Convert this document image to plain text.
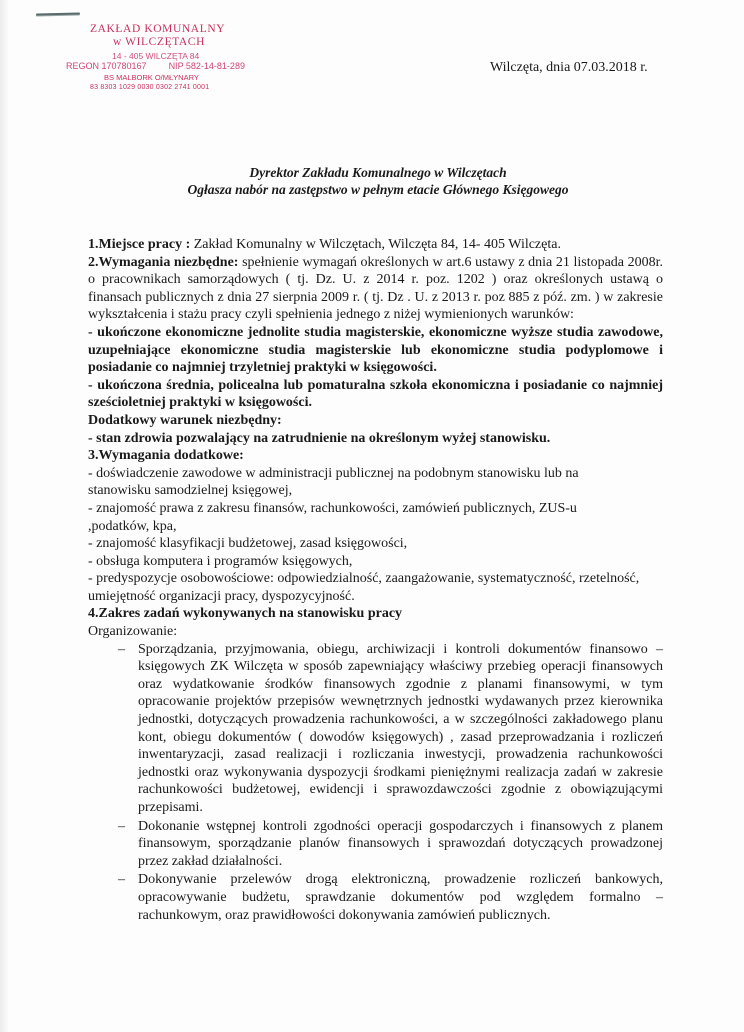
ZAKŁAD KOMUNALNY
w WILCZĘTACH
14 - 405 WILCZĘTA 84
REGON 170780167 NIP 582-14-81-289
BS MALBORK O/MŁYNARY
83 8303 1029 0030 0302 2741 0001
Wilczęta, dnia 07.03.2018 r.
Dyrektor Zakładu Komunalnego w Wilczętach
Ogłasza nabór na zastępstwo w pełnym etacie Głównego Księgowego

1.Miejsce pracy : Zakład Komunalny w Wilczętach, Wilczęta 84, 14- 405 Wilczęta.

2.Wymagania niezbędne: spełnienie wymagań określonych w art.6 ustawy z dnia 21 listopada 2008r. o pracownikach samorządowych ( tj. Dz. U. z 2014 r. poz. 1202 ) oraz określonych ustawą o finansach publicznych z dnia 27 sierpnia 2009 r. ( tj. Dz . U. z 2013 r. poz 885 z póź. zm. ) w zakresie wykształcenia i stażu pracy czyli spełnienia jednego z niżej wymienionych warunków:

- ukończone ekonomiczne jednolite studia magisterskie, ekonomiczne wyższe studia zawodowe, uzupełniające ekonomiczne studia magisterskie lub ekonomiczne studia podyplomowe i posiadanie co najmniej trzyletniej praktyki w księgowości.

- ukończona średnia, policealna lub pomaturalna szkoła ekonomiczna i posiadanie co najmniej sześcioletniej praktyki w księgowości.

Dodatkowy warunek niezbędny:

- stan zdrowia pozwalający na zatrudnienie na określonym wyżej stanowisku.

3.Wymagania dodatkowe:

- doświadczenie zawodowe w administracji publicznej na podobnym stanowisku lub na stanowisku samodzielnej księgowej,

- znajomość prawa z zakresu finansów, rachunkowości, zamówień publicznych, ZUS-u ,podatków, kpa,

- znajomość klasyfikacji budżetowej, zasad księgowości,

- obsługa komputera i programów księgowych,

- predyspozycje osobowościowe: odpowiedzialność, zaangażowanie, systematyczność, rzetelność, umiejętność organizacji pracy, dyspozycyjność.

4.Zakres zadań wykonywanych na stanowisku pracy

Organizowanie:

– Sporządzania, przyjmowania, obiegu, archiwizacji i kontroli dokumentów finansowo – księgowych ZK Wilczęta w sposób zapewniający właściwy przebieg operacji finansowych oraz wydatkowanie środków finansowych zgodnie z planami finansowymi, w tym opracowanie projektów przepisów wewnętrznych jednostki wydawanych przez kierownika jednostki, dotyczących prowadzenia rachunkowości, a w szczególności zakładowego planu kont, obiegu dokumentów ( dowodów księgowych) , zasad przeprowadzania i rozliczeń inwentaryzacji, zasad realizacji i rozliczania inwestycji, prowadzenia rachunkowości jednostki oraz wykonywania dyspozycji środkami pieniężnymi realizacja zadań w zakresie rachunkowości budżetowej, ewidencji i sprawozdawczości zgodnie z obowiązującymi przepisami.
– Dokonanie wstępnej kontroli zgodności operacji gospodarczych i finansowych z planem finansowym, sporządzanie planów finansowych i sprawozdań dotyczących prowadzonej przez zakład działalności.
– Dokonywanie przelewów drogą elektroniczną, prowadzenie rozliczeń bankowych, opracowywanie budżetu, sprawdzanie dokumentów pod względem formalno – rachunkowym, oraz prawidłowości dokonywania zamówień publicznych.
